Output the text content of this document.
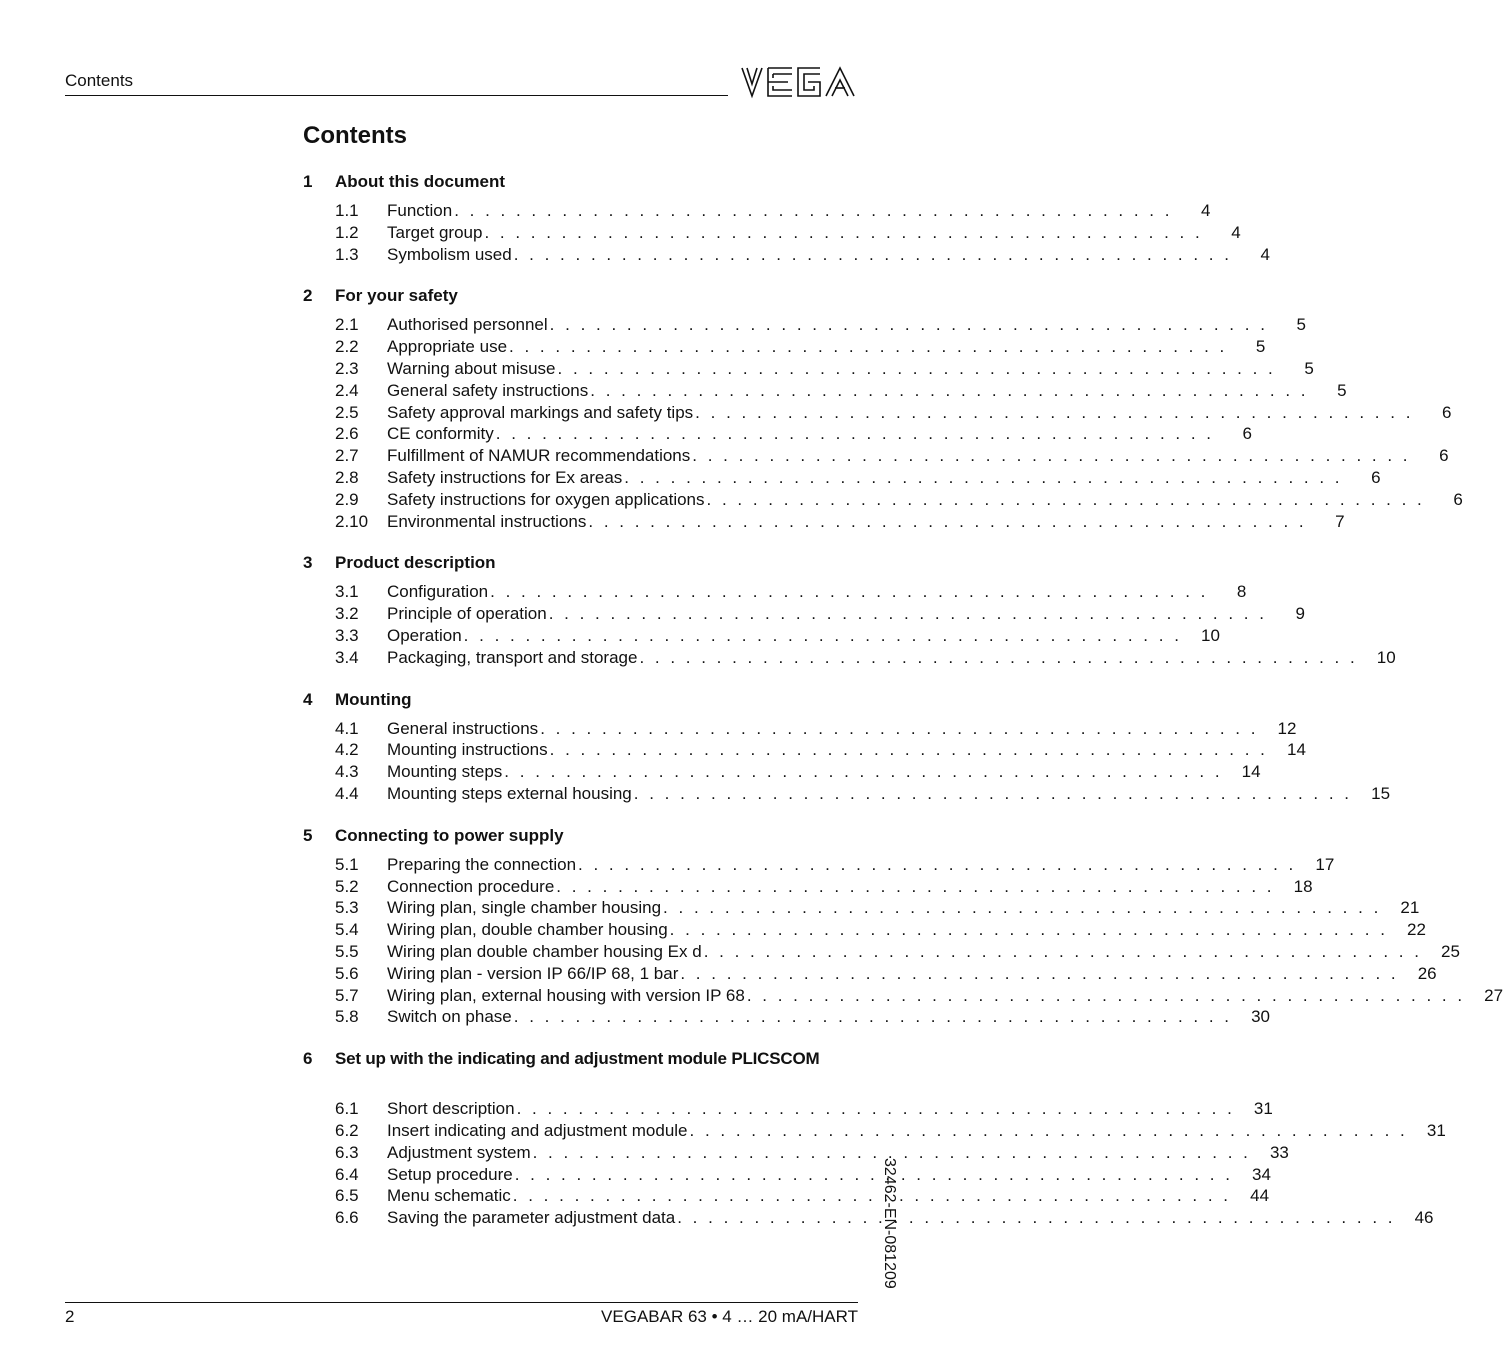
Contents
Contents
1	About this document
1.1	Function . . . . . . . . . . . . . . . . . . . . . . . . . . . . . . . . . . . . . . . . . . . . . . .	4
1.2	Target group . . . . . . . . . . . . . . . . . . . . . . . . . . . . . . . . . . . . . . . . . . . . . . .	4
1.3	Symbolism used . . . . . . . . . . . . . . . . . . . . . . . . . . . . . . . . . . . . . . . . . . . . . . .	4
2	For your safety
2.1	Authorised personnel . . . . . . . . . . . . . . . . . . . . . . . . . . . . . . . . . . . . . . . . . . . . . . .	5
2.2	Appropriate use . . . . . . . . . . . . . . . . . . . . . . . . . . . . . . . . . . . . . . . . . . . . . . .	5
2.3	Warning about misuse . . . . . . . . . . . . . . . . . . . . . . . . . . . . . . . . . . . . . . . . . . . . . . .	5
2.4	General safety instructions . . . . . . . . . . . . . . . . . . . . . . . . . . . . . . . . . . . . . . . . . . . . . . .	5
2.5	Safety approval markings and safety tips . . . . . . . . . . . . . . . . . . . . . . . . . . . . . . . . . . . . . . . . . . . . . . .	6
2.6	CE conformity . . . . . . . . . . . . . . . . . . . . . . . . . . . . . . . . . . . . . . . . . . . . . . .	6
2.7	Fulfillment of NAMUR recommendations . . . . . . . . . . . . . . . . . . . . . . . . . . . . . . . . . . . . . . . . . . . . . . .	6
2.8	Safety instructions for Ex areas . . . . . . . . . . . . . . . . . . . . . . . . . . . . . . . . . . . . . . . . . . . . . . .	6
2.9	Safety instructions for oxygen applications . . . . . . . . . . . . . . . . . . . . . . . . . . . . . . . . . . . . . . . . . . . . . . .	6
2.10	Environmental instructions . . . . . . . . . . . . . . . . . . . . . . . . . . . . . . . . . . . . . . . . . . . . . . .	7
3	Product description
3.1	Configuration . . . . . . . . . . . . . . . . . . . . . . . . . . . . . . . . . . . . . . . . . . . . . . .	8
3.2	Principle of operation . . . . . . . . . . . . . . . . . . . . . . . . . . . . . . . . . . . . . . . . . . . . . . .	9
3.3	Operation . . . . . . . . . . . . . . . . . . . . . . . . . . . . . . . . . . . . . . . . . . . . . . .	10
3.4	Packaging, transport and storage . . . . . . . . . . . . . . . . . . . . . . . . . . . . . . . . . . . . . . . . . . . . . . .	10
4	Mounting
4.1	General instructions . . . . . . . . . . . . . . . . . . . . . . . . . . . . . . . . . . . . . . . . . . . . . . .	12
4.2	Mounting instructions . . . . . . . . . . . . . . . . . . . . . . . . . . . . . . . . . . . . . . . . . . . . . . .	14
4.3	Mounting steps . . . . . . . . . . . . . . . . . . . . . . . . . . . . . . . . . . . . . . . . . . . . . . .	14
4.4	Mounting steps external housing . . . . . . . . . . . . . . . . . . . . . . . . . . . . . . . . . . . . . . . . . . . . . . .	15
5	Connecting to power supply
5.1	Preparing the connection . . . . . . . . . . . . . . . . . . . . . . . . . . . . . . . . . . . . . . . . . . . . . . .	17
5.2	Connection procedure . . . . . . . . . . . . . . . . . . . . . . . . . . . . . . . . . . . . . . . . . . . . . . .	18
5.3	Wiring plan, single chamber housing . . . . . . . . . . . . . . . . . . . . . . . . . . . . . . . . . . . . . . . . . . . . . . .	21
5.4	Wiring plan, double chamber housing . . . . . . . . . . . . . . . . . . . . . . . . . . . . . . . . . . . . . . . . . . . . . . .	22
5.5	Wiring plan double chamber housing Ex d . . . . . . . . . . . . . . . . . . . . . . . . . . . . . . . . . . . . . . . . . . . . . . .	25
5.6	Wiring plan - version IP 66/IP 68, 1 bar . . . . . . . . . . . . . . . . . . . . . . . . . . . . . . . . . . . . . . . . . . . . . . .	26
5.7	Wiring plan, external housing with version IP 68 . . . . . . . . . . . . . . . . . . . . . . . . . . . . . . . . . . . . . . . . . . . . . . .	27
5.8	Switch on phase . . . . . . . . . . . . . . . . . . . . . . . . . . . . . . . . . . . . . . . . . . . . . . .	30
6	Set up with the indicating and adjustment module PLICSCOM
6.1	Short description . . . . . . . . . . . . . . . . . . . . . . . . . . . . . . . . . . . . . . . . . . . . . . .	31
6.2	Insert indicating and adjustment module . . . . . . . . . . . . . . . . . . . . . . . . . . . . . . . . . . . . . . . . . . . . . . .	31
6.3	Adjustment system . . . . . . . . . . . . . . . . . . . . . . . . . . . . . . . . . . . . . . . . . . . . . . .	33
6.4	Setup procedure . . . . . . . . . . . . . . . . . . . . . . . . . . . . . . . . . . . . . . . . . . . . . . .	34
6.5	Menu schematic . . . . . . . . . . . . . . . . . . . . . . . . . . . . . . . . . . . . . . . . . . . . . . .	44
6.6	Saving the parameter adjustment data . . . . . . . . . . . . . . . . . . . . . . . . . . . . . . . . . . . . . . . . . . . . . . .	46
32462-EN-081209
2	VEGABAR 63 • 4 … 20 mA/HART
